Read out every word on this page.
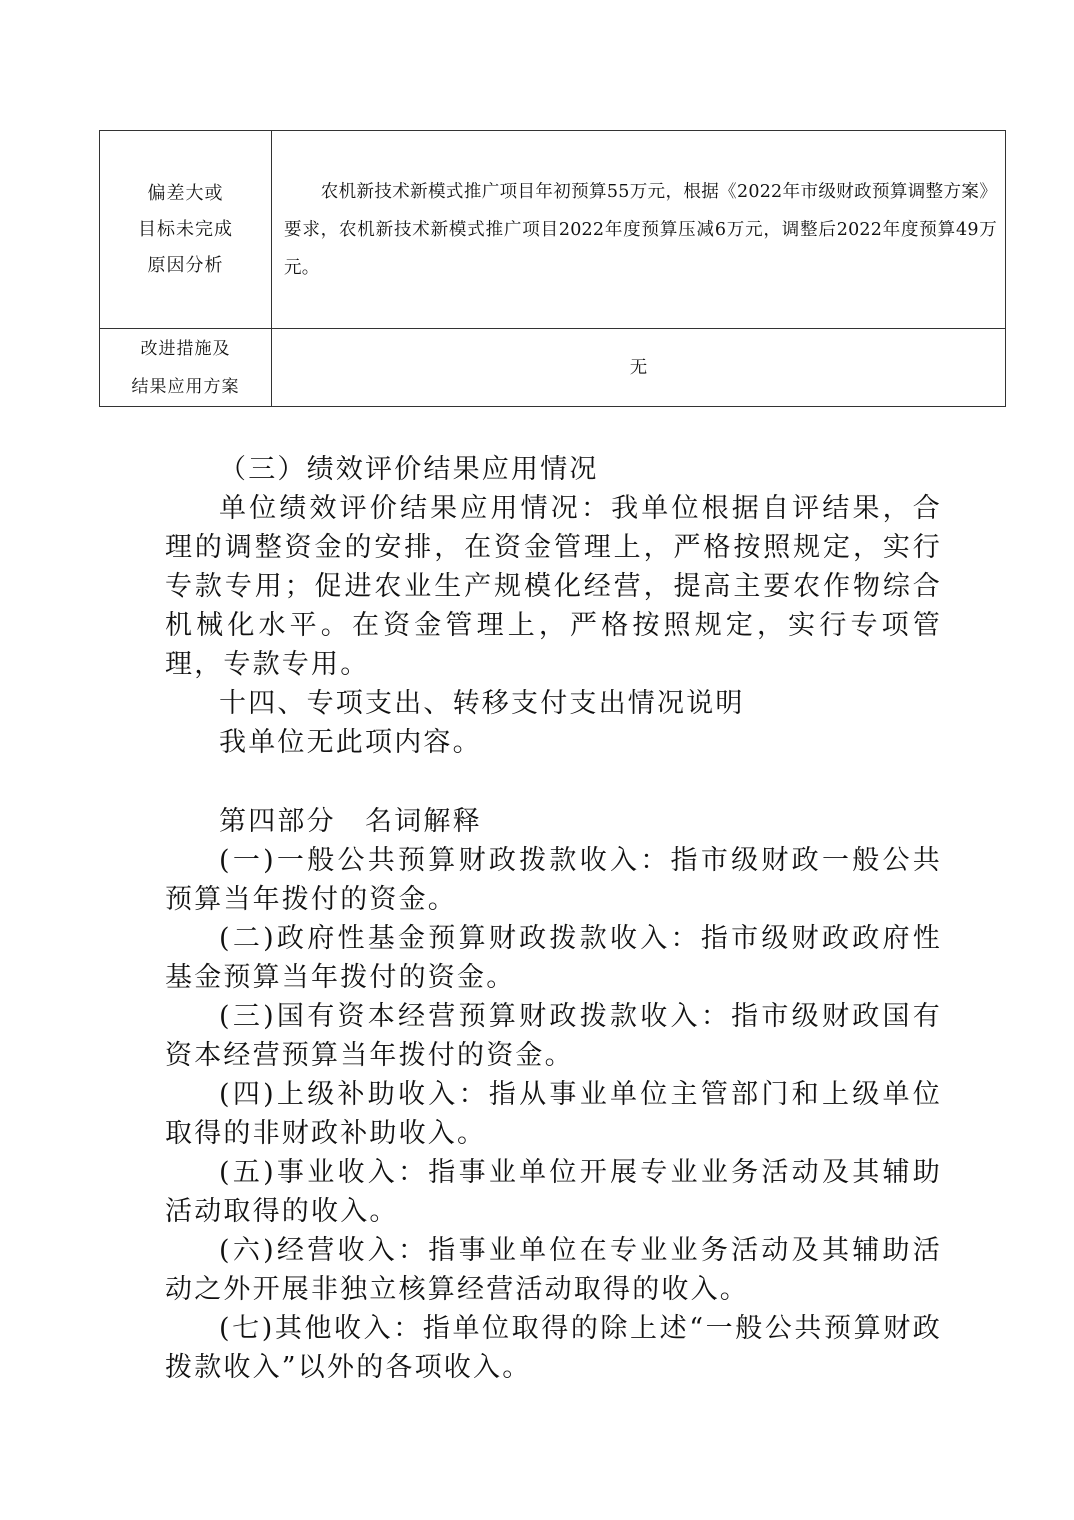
偏差大或
目标未完成
原因分析	农机新技术新模式推广项目年初预算55万元，根据《2022年市级财政预算调整方案》要求，农机新技术新模式推广项目2022年度预算压减6万元，调整后2022年度预算49万元。

改进措施及
结果应用方案	无

（三）绩效评价结果应用情况

单位绩效评价结果应用情况：我单位根据自评结果，合理的调整资金的安排，在资金管理上，严格按照规定，实行专款专用；促进农业生产规模化经营，提高主要农作物综合机械化水平。在资金管理上，严格按照规定，实行专项管理，专款专用。

十四、专项支出、转移支付支出情况说明

我单位无此项内容。

第四部分　名词解释

(一)一般公共预算财政拨款收入：指市级财政一般公共预算当年拨付的资金。

(二)政府性基金预算财政拨款收入：指市级财政政府性基金预算当年拨付的资金。

(三)国有资本经营预算财政拨款收入：指市级财政国有资本经营预算当年拨付的资金。

(四)上级补助收入：指从事业单位主管部门和上级单位取得的非财政补助收入。

(五)事业收入：指事业单位开展专业业务活动及其辅助活动取得的收入。

(六)经营收入：指事业单位在专业业务活动及其辅助活动之外开展非独立核算经营活动取得的收入。

(七)其他收入：指单位取得的除上述“一般公共预算财政拨款收入”以外的各项收入。
